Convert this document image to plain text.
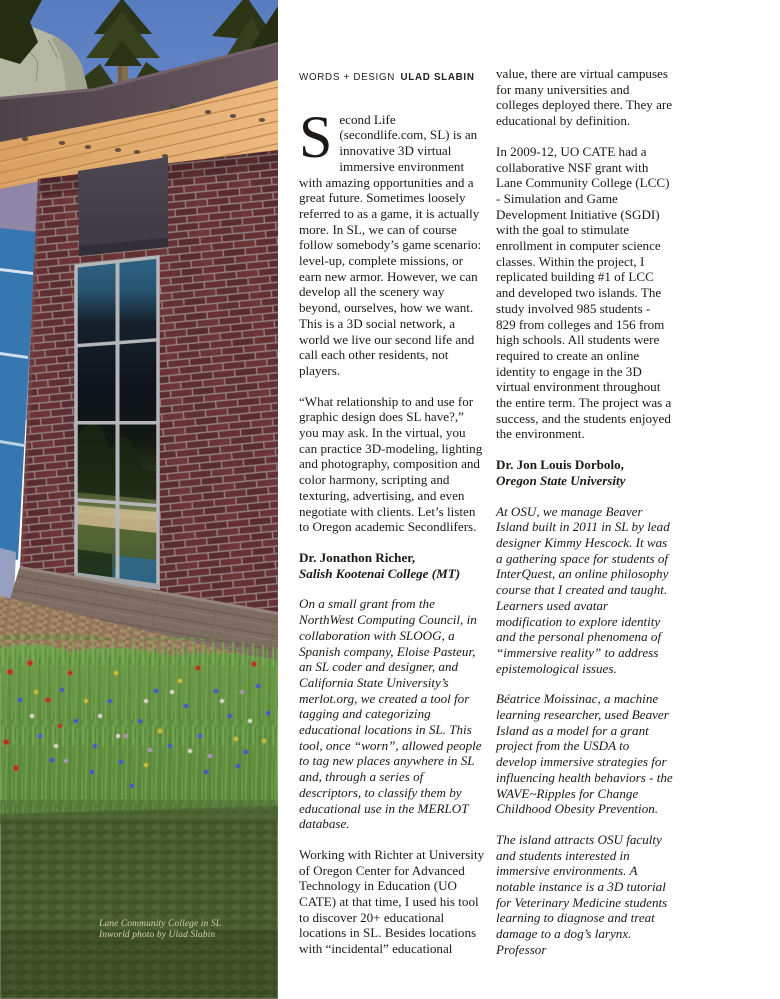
Lane Community College in SL
Inworld photo by Ulad Slabin
WORDS + DESIGN ULAD SLABIN

Second Life (secondlife.com, SL) is an innovative 3D virtual immersive environment with amazing opportunities and a great future. Sometimes loosely referred to as a game, it is actually more. In SL, we can of course follow somebody’s game scenario: level-up, complete missions, or earn new armor. However, we can develop all the scenery way beyond, ourselves, how we want. This is a 3D social network, a world we live our second life and call each other residents, not players.

“What relationship to and use for graphic design does SL have?,” you may ask. In the virtual, you can practice 3D-modeling, lighting and photography, composition and color harmony, scripting and texturing, advertising, and even negotiate with clients. Let’s listen to Oregon academic Secondlifers.

Dr. Jonathon Richer,
Salish Kootenai College (MT)

On a small grant from the NorthWest Computing Council, in collaboration with SLOOG, a Spanish company, Eloise Pasteur, an SL coder and designer, and California State University’s merlot.org, we created a tool for tagging and categorizing educational locations in SL. This tool, once “worn”, allowed people to tag new places anywhere in SL and, through a series of descriptors, to classify them by educational use in the MERLOT database.

Working with Richter at University of Oregon Center for Advanced Technology in Education (UO CATE) at that time, I used his tool to discover 20+ educational locations in SL. Besides locations with “incidental” educational

value, there are virtual campuses for many universities and colleges deployed there. They are educational by definition.

In 2009-12, UO CATE had a collaborative NSF grant with Lane Community College (LCC) - Simulation and Game Development Initiative (SGDI) with the goal to stimulate enrollment in computer science classes. Within the project, I replicated building #1 of LCC and developed two islands. The study involved 985 students - 829 from colleges and 156 from high schools. All students were required to create an online identity to engage in the 3D virtual environment throughout the entire term. The project was a success, and the students enjoyed the environment.

Dr. Jon Louis Dorbolo,
Oregon State University

At OSU, we manage Beaver Island built in 2011 in SL by lead designer Kimmy Hescock. It was a gathering space for students of InterQuest, an online philosophy course that I created and taught. Learners used avatar modification to explore identity and the personal phenomena of “immersive reality” to address epistemological issues.

Béatrice Moissinac, a machine learning researcher, used Beaver Island as a model for a grant project from the USDA to develop immersive strategies for influencing health behaviors - the WAVE~Ripples for Change Childhood Obesity Prevention.

The island attracts OSU faculty and students interested in immersive environments. A notable instance is a 3D tutorial for Veterinary Medicine students learning to diagnose and treat damage to a dog’s larynx. Professor
